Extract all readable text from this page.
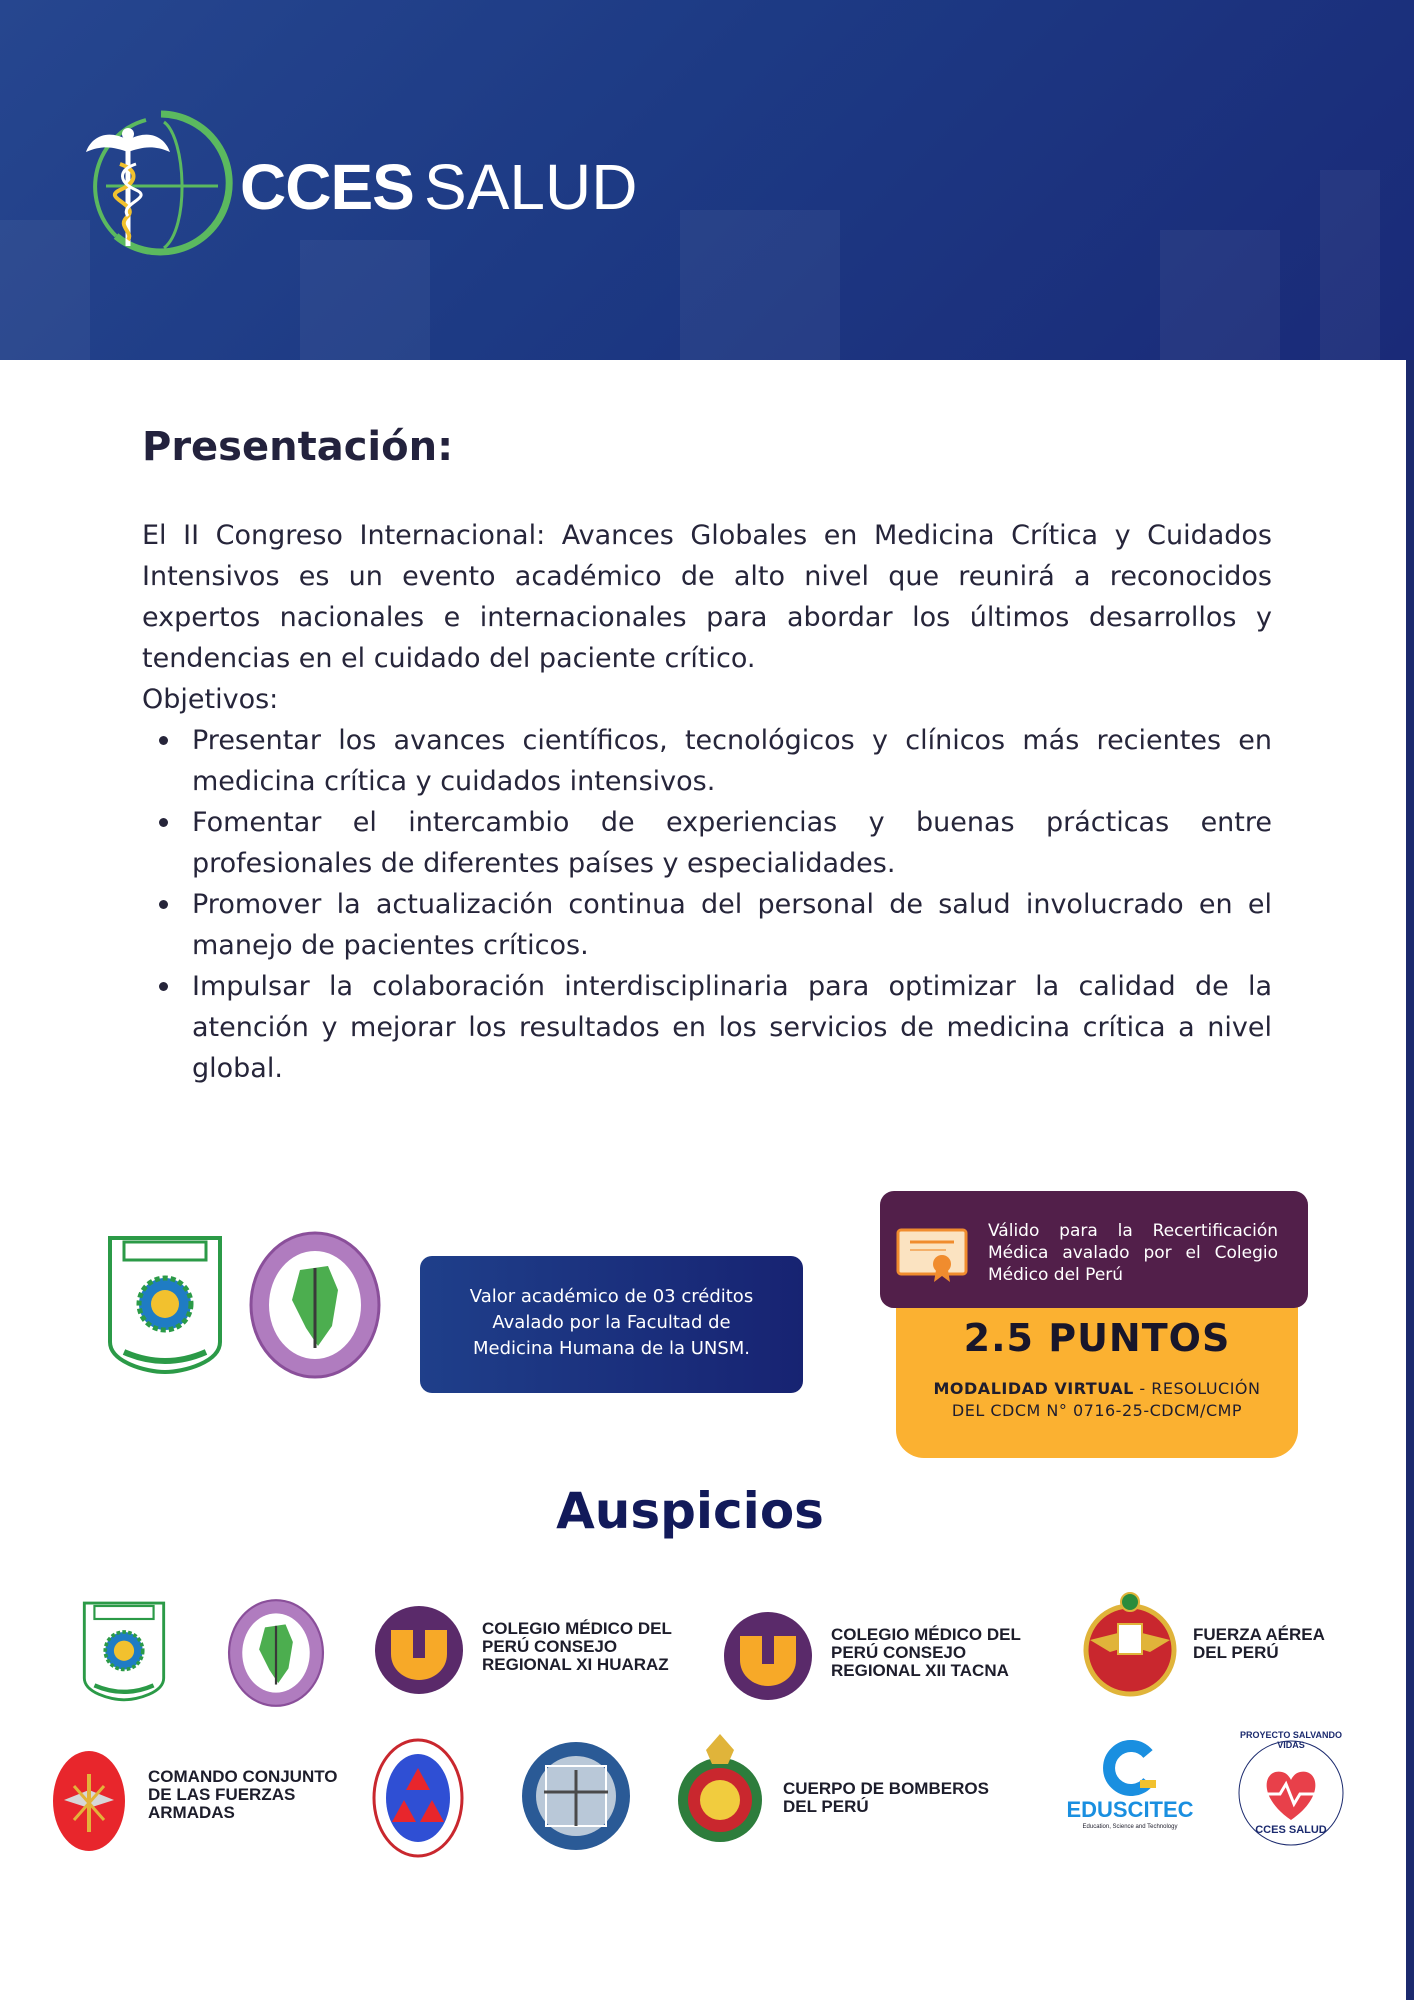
CCES SALUD
Presentación:

El II Congreso Internacional: Avances Globales en Medicina Crítica y Cuidados Intensivos es un evento académico de alto nivel que reunirá a reconocidos expertos nacionales e internacionales para abordar los últimos desarrollos y tendencias en el cuidado del paciente crítico.

Objetivos:

Presentar los avances científicos, tecnológicos y clínicos más recientes en medicina crítica y cuidados intensivos.
Fomentar el intercambio de experiencias y buenas prácticas entre profesionales de diferentes países y especialidades.
Promover la actualización continua del personal de salud involucrado en el manejo de pacientes críticos.
Impulsar la colaboración interdisciplinaria para optimizar la calidad de la atención y mejorar los resultados en los servicios de medicina crítica a nivel global.
Valor académico de 03 créditos
Avalado por la Facultad de
Medicina Humana de la UNSM.
Válido para la Recertificación Médica avalado por el Colegio Médico del Perú
2.5 PUNTOS
MODALIDAD VIRTUAL - RESOLUCIÓN DEL CDCM N° 0716-25-CDCM/CMP
Auspicios
COLEGIO MÉDICO DEL PERÚ CONSEJO REGIONAL XI HUARAZ
COLEGIO MÉDICO DEL PERÚ CONSEJO REGIONAL XII TACNA
FUERZA AÉREA DEL PERÚ
COMANDO CONJUNTO DE LAS FUERZAS ARMADAS
CUERPO DE BOMBEROS DEL PERÚ	EDUSCITEC
Education, Science and Technology
PROYECTO SALVANDO VIDAS
CCES SALUD
